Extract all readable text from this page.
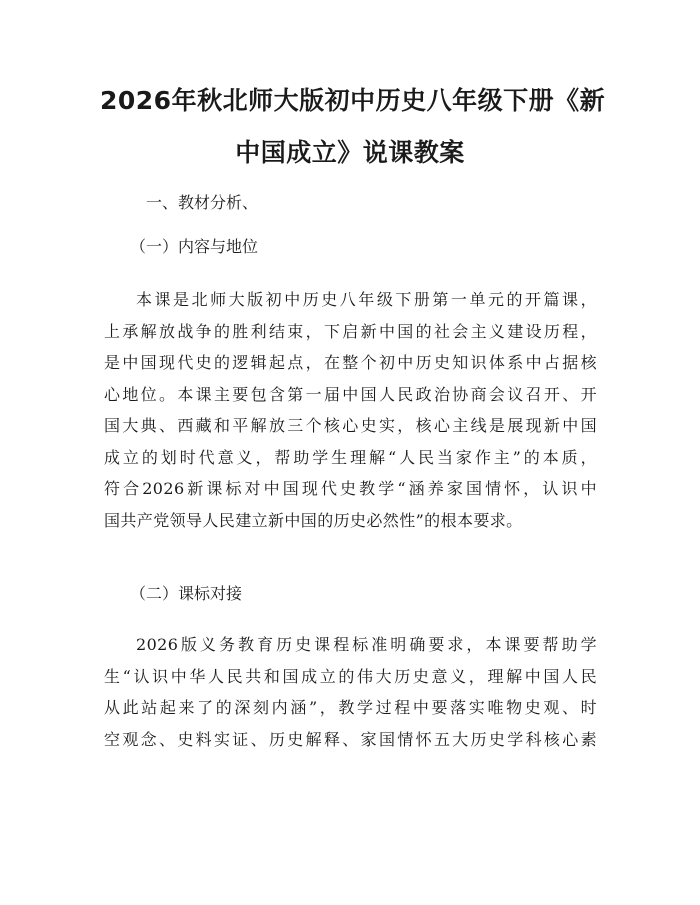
2026年秋北师大版初中历史八年级下册《新
中国成立》说课教案
一、教材分析、
（一）内容与地位
本课是北师大版初中历史八年级下册第一单元的开篇课，
上承解放战争的胜利结束，下启新中国的社会主义建设历程，
是中国现代史的逻辑起点，在整个初中历史知识体系中占据核
心地位。本课主要包含第一届中国人民政治协商会议召开、开
国大典、西藏和平解放三个核心史实，核心主线是展现新中国
成立的划时代意义，帮助学生理解“人民当家作主”的本质，
符合2026新课标对中国现代史教学“涵养家国情怀，认识中
国共产党领导人民建立新中国的历史必然性”的根本要求。
（二）课标对接
2026版义务教育历史课程标准明确要求，本课要帮助学
生“认识中华人民共和国成立的伟大历史意义，理解中国人民
从此站起来了的深刻内涵”，教学过程中要落实唯物史观、时
空观念、史料实证、历史解释、家国情怀五大历史学科核心素
